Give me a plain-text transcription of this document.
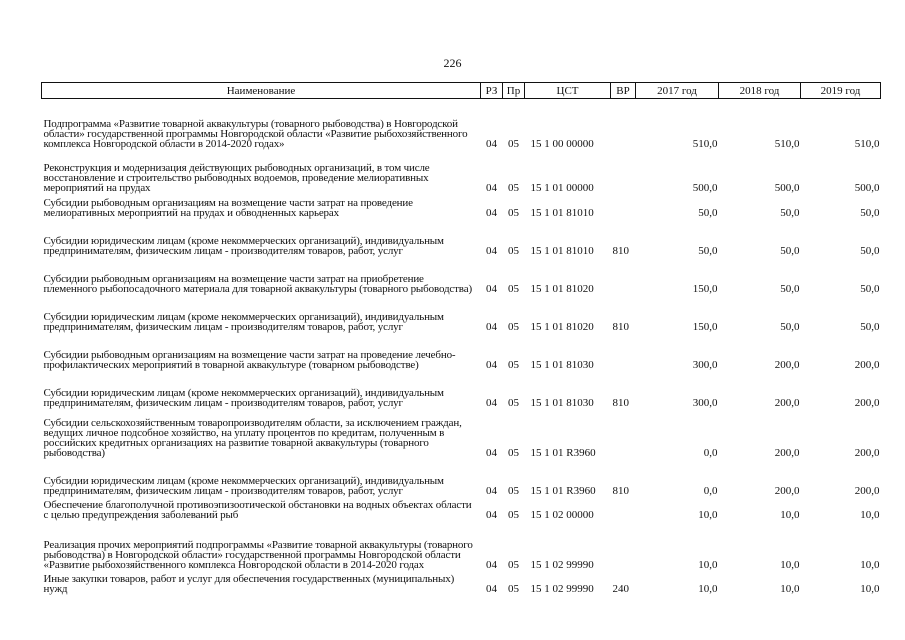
226
Наименование	РЗ	Пр	ЦСТ	ВР	2017 год	2018 год	2019 год
Подпрограмма «Развитие товарной аквакультуры (товарного рыбоводства) в Новгородской области» государственной программы Новгородской области «Развитие рыбохозяйственного комплекса Новгородской области в 2014-2020 годах»	04	05	15 1 00 00000		510,0	510,0	510,0
Реконструкция и модернизация действующих рыбоводных организаций, в том числе восстановление и строительство рыбоводных водоемов, проведение мелиоративных мероприятий на прудах	04	05	15 1 01 00000		500,0	500,0	500,0
Субсидии рыбоводным организациям на возмещение части затрат на проведение мелиоративных мероприятий на прудах и обводненных карьерах	04	05	15 1 01 81010		50,0	50,0	50,0
Субсидии юридическим лицам (кроме некоммерческих организаций), индивидуальным предпринимателям, физическим лицам - производителям товаров, работ, услуг	04	05	15 1 01 81010	810	50,0	50,0	50,0
Субсидии рыбоводным организациям на возмещение части затрат на приобретение племенного рыбопосадочного материала для товарной аквакультуры (товарного рыбоводства)	04	05	15 1 01 81020		150,0	50,0	50,0
Субсидии юридическим лицам (кроме некоммерческих организаций), индивидуальным предпринимателям, физическим лицам - производителям товаров, работ, услуг	04	05	15 1 01 81020	810	150,0	50,0	50,0
Субсидии рыбоводным организациям на возмещение части затрат на проведение лечебно-профилактических мероприятий в товарной аквакультуре (товарном рыбоводстве)	04	05	15 1 01 81030		300,0	200,0	200,0
Субсидии юридическим лицам (кроме некоммерческих организаций), индивидуальным предпринимателям, физическим лицам - производителям товаров, работ, услуг	04	05	15 1 01 81030	810	300,0	200,0	200,0
Субсидии сельскохозяйственным товаропроизводителям области, за исключением граждан, ведущих личное подсобное хозяйство, на уплату процентов по кредитам, полученным в российских кредитных организациях на развитие товарной аквакультуры (товарного рыбоводства)	04	05	15 1 01 R3960		0,0	200,0	200,0
Субсидии юридическим лицам (кроме некоммерческих организаций), индивидуальным предпринимателям, физическим лицам - производителям товаров, работ, услуг	04	05	15 1 01 R3960	810	0,0	200,0	200,0
Обеспечение благополучной противоэпизоотической обстановки на водных объектах области с целью предупреждения заболеваний рыб	04	05	15 1 02 00000		10,0	10,0	10,0
Реализация прочих мероприятий подпрограммы «Развитие товарной аквакультуры (товарного рыбоводства) в Новгородской области» государственной программы Новгородской области «Развитие рыбохозяйственного комплекса Новгородской области в 2014-2020 годах	04	05	15 1 02 99990		10,0	10,0	10,0
Иные закупки товаров, работ и услуг для обеспечения государственных (муниципальных) нужд	04	05	15 1 02 99990	240	10,0	10,0	10,0
